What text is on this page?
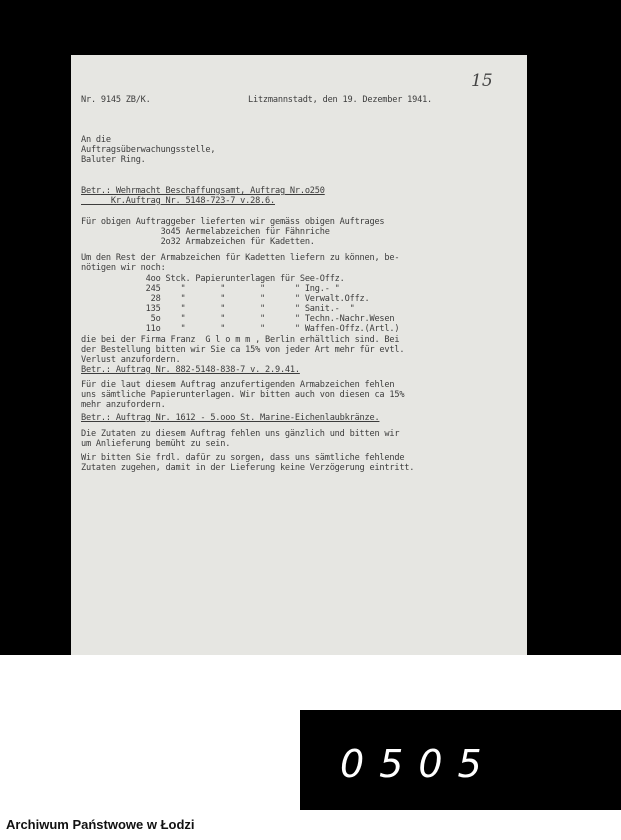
15
Nr. 9145 ZB/K.	Litzmannstadt, den 19. Dezember 1941.
An die
Auftragsüberwachungsstelle,
Baluter Ring.
Betr.: Wehrmacht Beschaffungsamt, Auftrag Nr.o250
Kr.Auftrag Nr. 5148-723-7 v.28.6.
Für obigen Auftraggeber lieferten wir gemäss obigen Auftrages
3o45 Aermelabzeichen für Fähnriche
2o32 Armabzeichen für Kadetten.
Um den Rest der Armabzeichen für Kadetten liefern zu können, be-
nötigen wir noch:
4oo Stck. Papierunterlagen für See-Offz.
245    "       "       "      " Ing.- "
28    "       "       "      " Verwalt.Offz.
135    "       "       "      " Sanit.-  "
5o    "       "       "      " Techn.-Nachr.Wesen
11o    "       "       "      " Waffen-Offz.(Artl.)
die bei der Firma Franz  G l o m m , Berlin erhältlich sind. Bei
der Bestellung bitten wir Sie ca 15% von jeder Art mehr für evtl.
Verlust anzufordern.
Betr.: Auftrag Nr. 882-5148-838-7 v. 2.9.41.
Für die laut diesem Auftrag anzufertigenden Armabzeichen fehlen
uns sämtliche Papierunterlagen. Wir bitten auch von diesen ca 15%
mehr anzufordern.
Betr.: Auftrag Nr. 1612 - 5.ooo St. Marine-Eichenlaubkränze.
Die Zutaten zu diesem Auftrag fehlen uns gänzlich und bitten wir
um Anlieferung bemüht zu sein.
Wir bitten Sie frdl. dafür zu sorgen, dass uns sämtliche fehlende
Zutaten zugehen, damit in der Lieferung keine Verzögerung eintritt.
0505
Archiwum Państwowe w Łodzi
